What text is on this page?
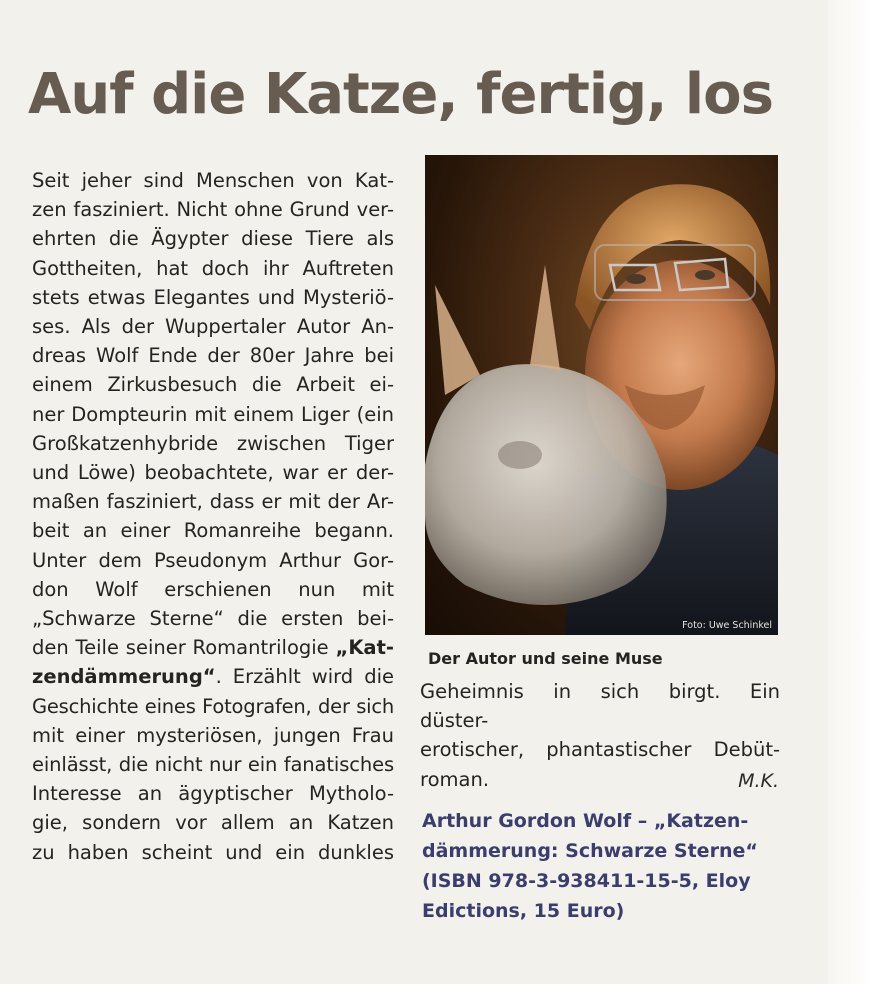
Auf die Katze, fertig, los
Seit jeher sind Menschen von Kat-
zen fasziniert. Nicht ohne Grund ver-
ehrten die Ägypter diese Tiere als
Gottheiten, hat doch ihr Auftreten
stets etwas Elegantes und Mysteriö-
ses. Als der Wuppertaler Autor An-
dreas Wolf Ende der 80er Jahre bei
einem Zirkusbesuch die Arbeit ei-
ner Dompteurin mit einem Liger (ein
Großkatzenhybride zwischen Tiger
und Löwe) beobachtete, war er der-
maßen fasziniert, dass er mit der Ar-
beit an einer Romanreihe begann.
Unter dem Pseudonym Arthur Gor-
don Wolf erschienen nun mit
„Schwarze Sterne“ die ersten bei-
den Teile seiner Romantrilogie „Kat-
zendämmerung“. Erzählt wird die
Geschichte eines Fotografen, der sich
mit einer mysteriösen, jungen Frau
einlässt, die nicht nur ein fanatisches
Interesse an ägyptischer Mytholo-
gie, sondern vor allem an Katzen
zu haben scheint und ein dunkles
Foto: Uwe Schinkel
Der Autor und seine Muse
Geheimnis in sich birgt. Ein düster-
erotischer, phantastischer Debüt-
roman.	M.K.
Arthur Gordon Wolf – „Katzen-
dämmerung: Schwarze Sterne“
(ISBN 978-3-938411-15-5, Eloy
Edictions, 15 Euro)
